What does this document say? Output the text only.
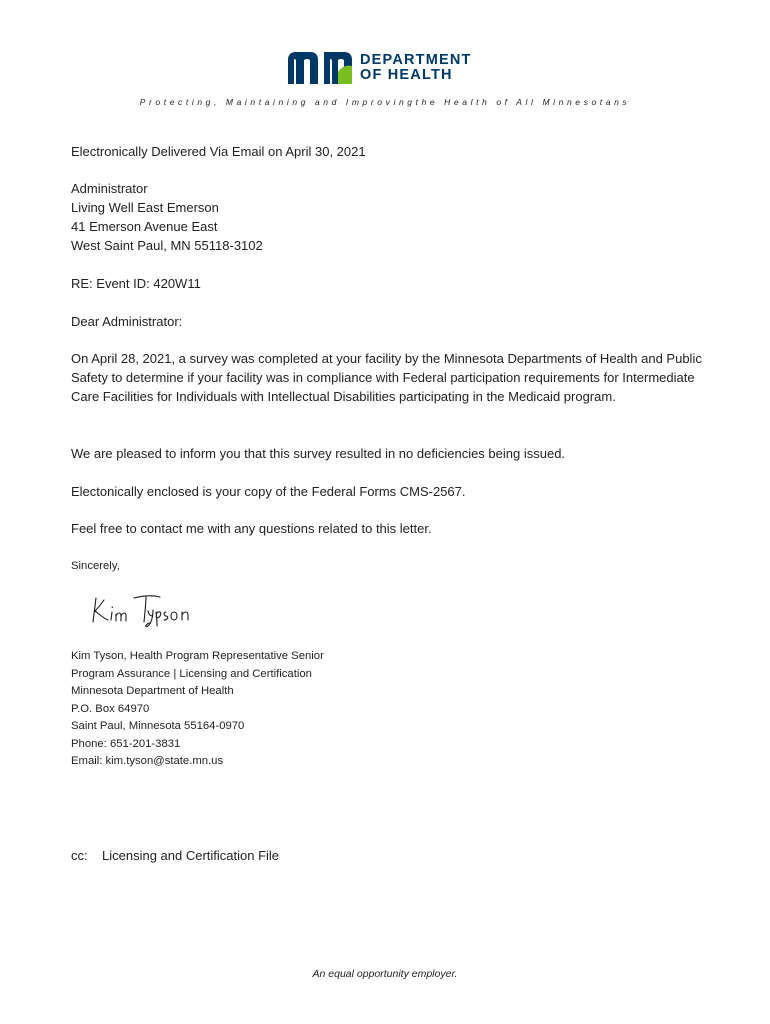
DEPARTMENT
OF HEALTH
Protecting, Maintaining and Improvingthe Health of All Minnesotans
Electronically Delivered Via Email on April 30, 2021
Administrator
Living Well East Emerson
41 Emerson Avenue East
West Saint Paul, MN 55118-3102
RE: Event ID: 420W11
Dear Administrator:
On April 28, 2021, a survey was completed at your facility by the Minnesota Departments of Health and Public Safety to determine if your facility was in compliance with Federal participation requirements for Intermediate Care Facilities for Individuals with Intellectual Disabilities participating in the Medicaid program.
We are pleased to inform you that this survey resulted in no deficiencies being issued.
Electonically enclosed is your copy of the Federal Forms CMS-2567.
Feel free to contact me with any questions related to this letter.
Sincerely,
Kim Tyson, Health Program Representative Senior
Program Assurance | Licensing and Certification
Minnesota Department of Health
P.O. Box 64970
Saint Paul, Minnesota 55164-0970
Phone: 651-201-3831
Email: kim.tyson@state.mn.us
cc: Licensing and Certification File
An equal opportunity employer.
